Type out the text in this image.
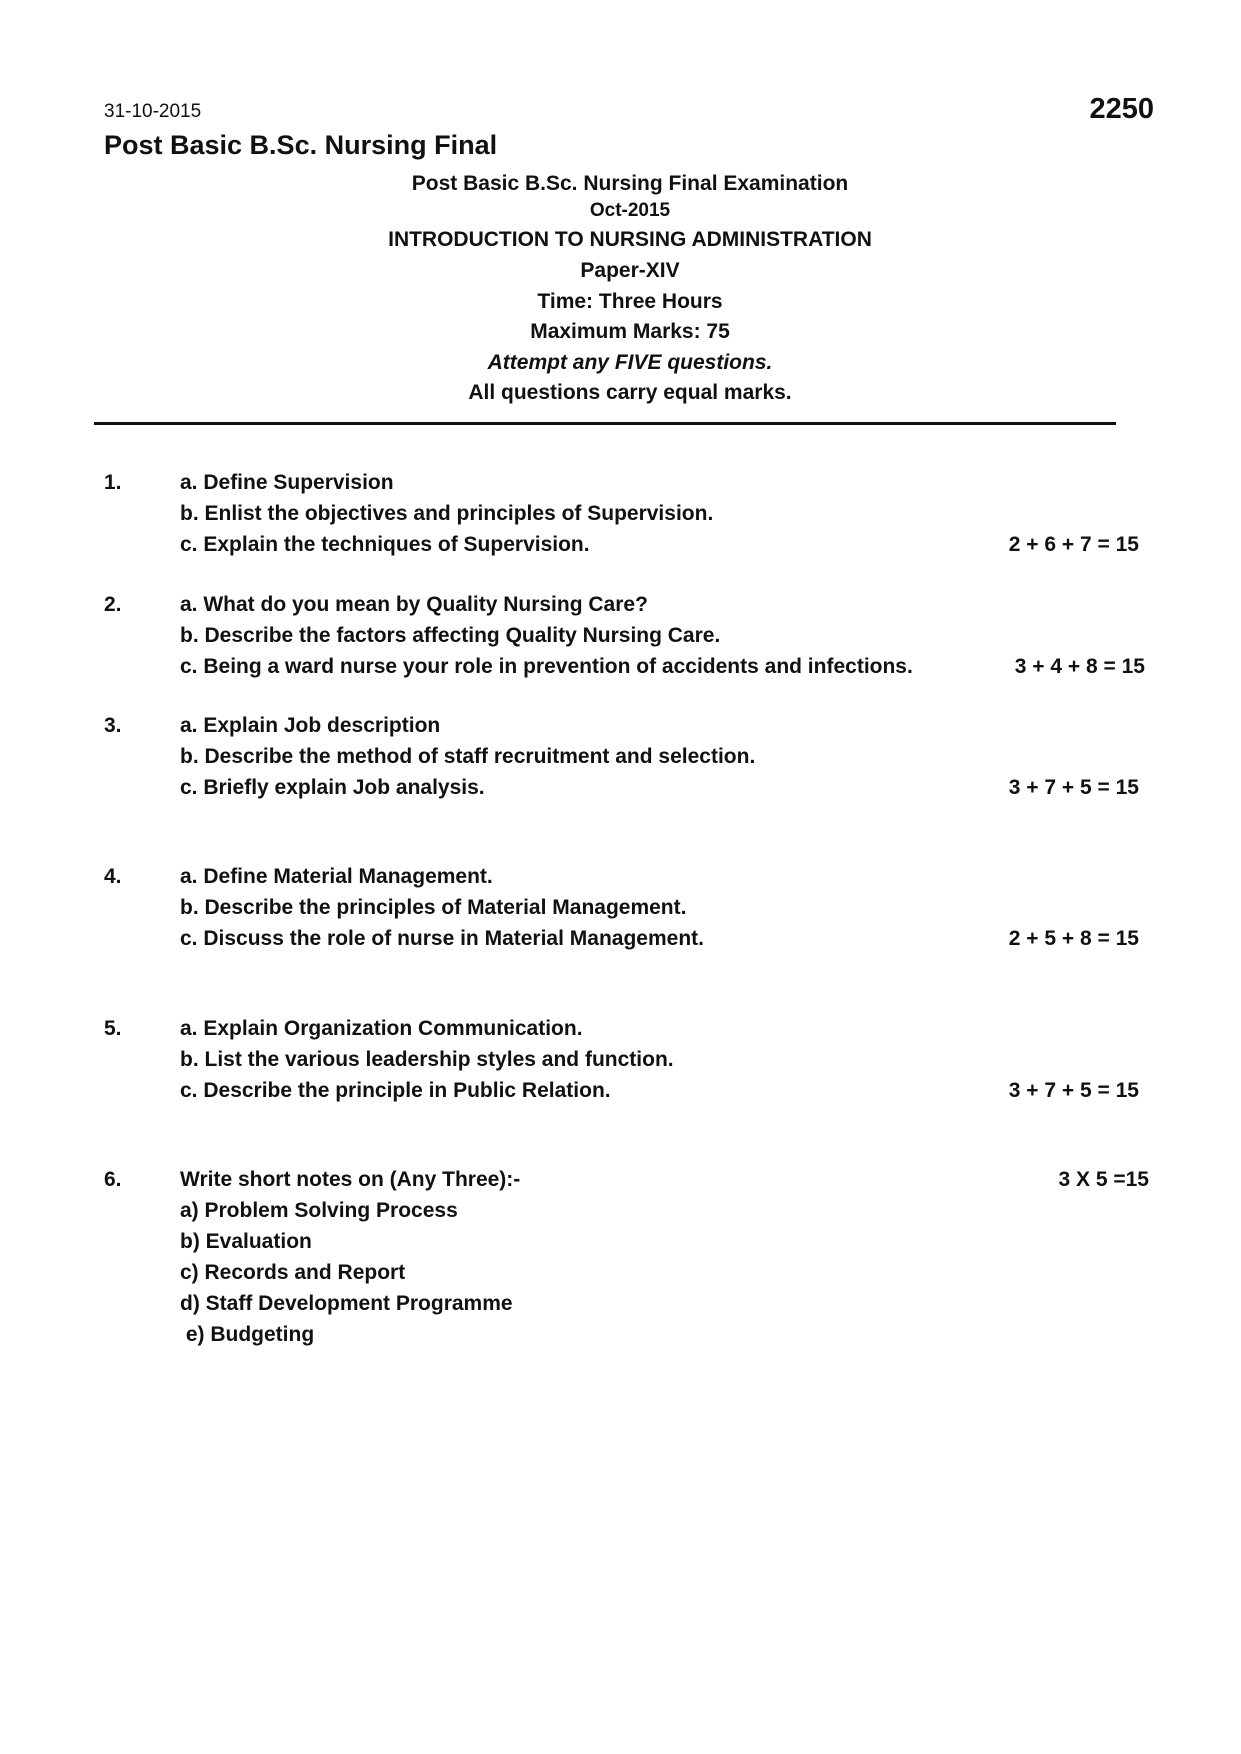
31-10-2015	2250
Post Basic B.Sc. Nursing Final

Post Basic B.Sc. Nursing Final Examination

Oct-2015

INTRODUCTION TO NURSING ADMINISTRATION

Paper-XIV

Time: Three Hours

Maximum Marks: 75

Attempt any FIVE questions.

All questions carry equal marks.

1.	a. Define Supervision
b. Enlist the objectives and principles of Supervision.
c. Explain the techniques of Supervision.	2 + 6 + 7 = 15
2.	a. What do you mean by Quality Nursing Care?
b. Describe the factors affecting Quality Nursing Care.
c. Being a ward nurse your role in prevention of accidents and infections.	3 + 4 + 8 = 15
3.	a. Explain Job description
b. Describe the method of staff recruitment and selection.
c. Briefly explain Job analysis.	3 + 7 + 5 = 15
4.	a. Define Material Management.
b. Describe the principles of Material Management.
c. Discuss the role of nurse in Material Management.	2 + 5 + 8 = 15
5.	a. Explain Organization Communication.
b. List the various leadership styles and function.
c. Describe the principle in Public Relation.	3 + 7 + 5 = 15
6.	Write short notes on (Any Three):-
a) Problem Solving Process
b) Evaluation
c) Records and Report
d) Staff Development Programme
e) Budgeting
3 X 5 =15
